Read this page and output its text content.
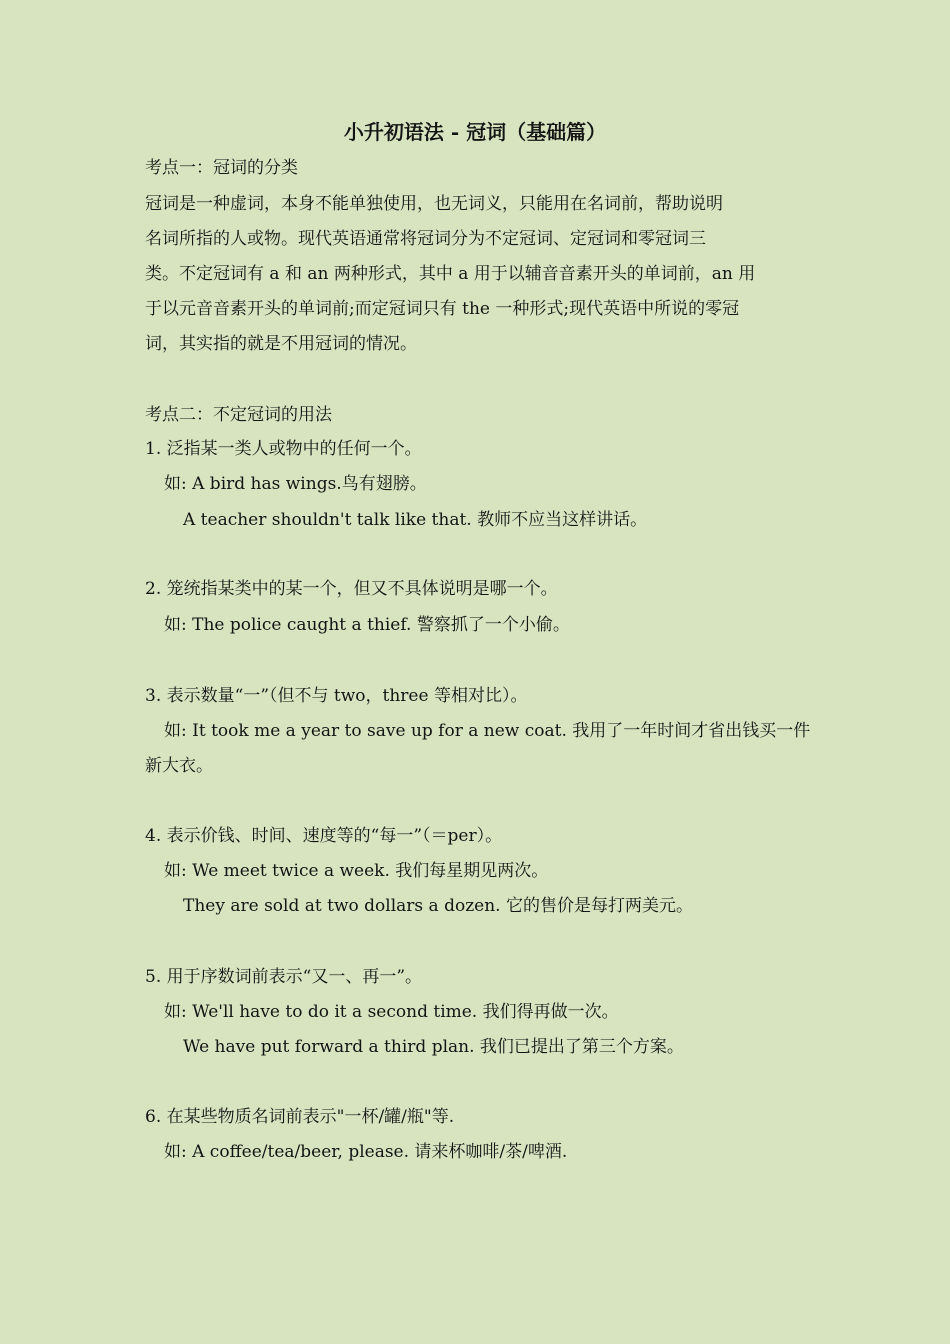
小升初语法 - 冠词（基础篇）
考点一：冠词的分类
冠词是一种虚词，本身不能单独使用，也无词义，只能用在名词前，帮助说明
名词所指的人或物。现代英语通常将冠词分为不定冠词、定冠词和零冠词三
类。不定冠词有 a 和 an 两种形式，其中 a 用于以辅音音素开头的单词前，an 用
于以元音音素开头的单词前;而定冠词只有 the 一种形式;现代英语中所说的零冠
词，其实指的就是不用冠词的情况。
考点二：不定冠词的用法
1. 泛指某一类人或物中的任何一个。
如: A bird has wings.鸟有翅膀。
A teacher shouldn't talk like that. 教师不应当这样讲话。
2. 笼统指某类中的某一个，但又不具体说明是哪一个。
如: The police caught a thief. 警察抓了一个小偷。
3. 表示数量“一”（但不与 two，three 等相对比）。
如: It took me a year to save up for a new coat. 我用了一年时间才省出钱买一件
新大衣。
4. 表示价钱、时间、速度等的“每一”（＝per）。
如: We meet twice a week. 我们每星期见两次。
They are sold at two dollars a dozen. 它的售价是每打两美元。
5. 用于序数词前表示“又一、再一”。
如: We'll have to do it a second time. 我们得再做一次。
We have put forward a third plan. 我们已提出了第三个方案。
6. 在某些物质名词前表示"一杯/罐/瓶"等.
如: A coffee/tea/beer, please. 请来杯咖啡/茶/啤酒.
